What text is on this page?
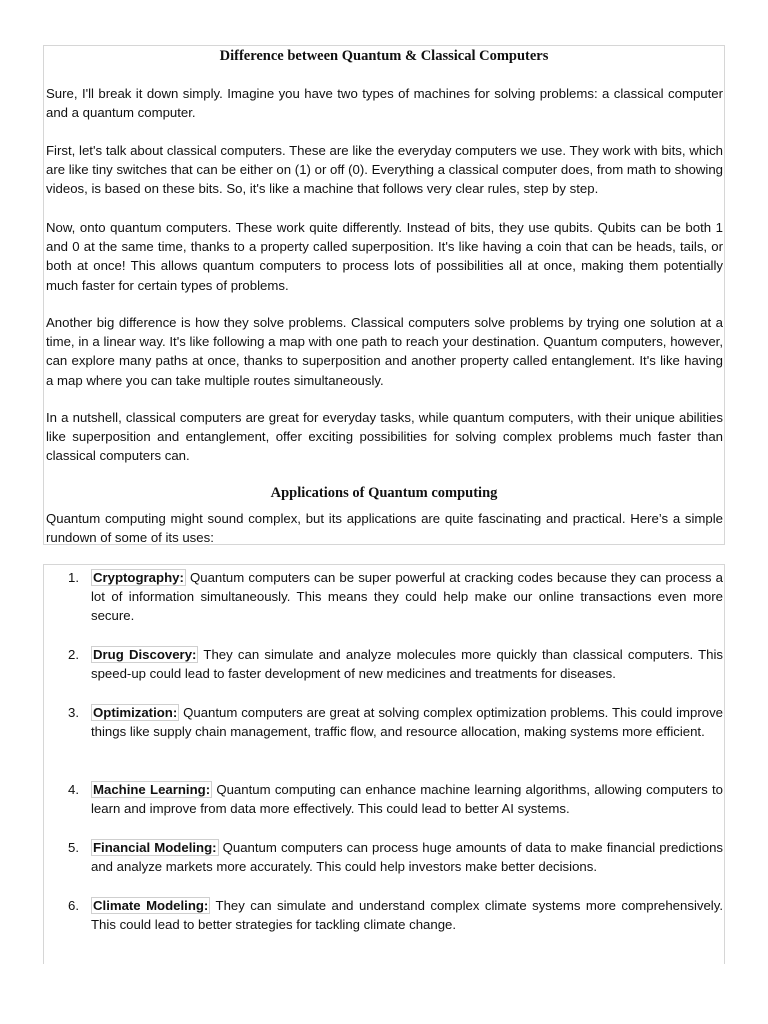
Difference between Quantum & Classical Computers

Sure, I'll break it down simply. Imagine you have two types of machines for solving problems: a classical computer and a quantum computer.

First, let's talk about classical computers. These are like the everyday computers we use. They work with bits, which are like tiny switches that can be either on (1) or off (0). Everything a classical computer does, from math to showing videos, is based on these bits. So, it's like a machine that follows very clear rules, step by step.

Now, onto quantum computers. These work quite differently. Instead of bits, they use qubits. Qubits can be both 1 and 0 at the same time, thanks to a property called superposition. It's like having a coin that can be heads, tails, or both at once! This allows quantum computers to process lots of possibilities all at once, making them potentially much faster for certain types of problems.

Another big difference is how they solve problems. Classical computers solve problems by trying one solution at a time, in a linear way. It's like following a map with one path to reach your destination. Quantum computers, however, can explore many paths at once, thanks to superposition and another property called entanglement. It's like having a map where you can take multiple routes simultaneously.

In a nutshell, classical computers are great for everyday tasks, while quantum computers, with their unique abilities like superposition and entanglement, offer exciting possibilities for solving complex problems much faster than classical computers can.

Applications of Quantum computing

Quantum computing might sound complex, but its applications are quite fascinating and practical. Here’s a simple rundown of some of its uses:

1. Cryptography: Quantum computers can be super powerful at cracking codes because they can process a lot of information simultaneously. This means they could help make our online transactions even more secure.
2. Drug Discovery: They can simulate and analyze molecules more quickly than classical computers. This speed-up could lead to faster development of new medicines and treatments for diseases.
3. Optimization: Quantum computers are great at solving complex optimization problems. This could improve things like supply chain management, traffic flow, and resource allocation, making systems more efficient.
4. Machine Learning: Quantum computing can enhance machine learning algorithms, allowing computers to learn and improve from data more effectively. This could lead to better AI systems.
5. Financial Modeling: Quantum computers can process huge amounts of data to make financial predictions and analyze markets more accurately. This could help investors make better decisions.
6. Climate Modeling: They can simulate and understand complex climate systems more comprehensively. This could lead to better strategies for tackling climate change.
